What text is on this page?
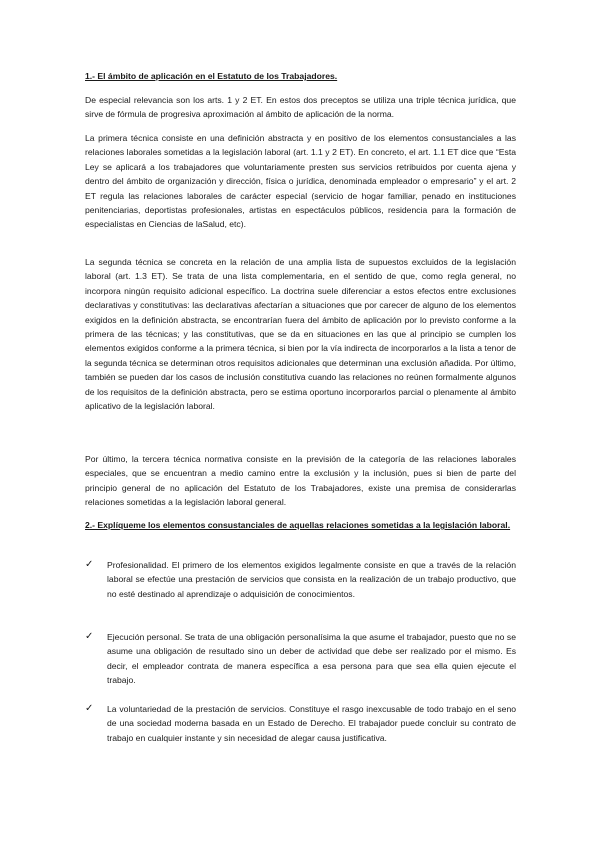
1.- El ámbito de aplicación en el Estatuto de los Trabajadores.

De especial relevancia son los arts. 1 y 2 ET. En estos dos preceptos se utiliza una triple técnica jurídica, que sirve de fórmula de progresiva aproximación al ámbito de aplicación de la norma.

La primera técnica consiste en una definición abstracta y en positivo de los elementos consustanciales a las relaciones laborales sometidas a la legislación laboral (art. 1.1 y 2 ET). En concreto, el art. 1.1 ET dice que “Esta Ley se aplicará a los trabajadores que voluntariamente presten sus servicios retribuidos por cuenta ajena y dentro del ámbito de organización y dirección, física o jurídica, denominada empleador o empresario” y el art. 2 ET regula las relaciones laborales de carácter especial (servicio de hogar familiar, penado en instituciones penitenciarias, deportistas profesionales, artistas en espectáculos públicos, residencia para la formación de especialistas en Ciencias de laSalud, etc).

La segunda técnica se concreta en la relación de una amplia lista de supuestos excluidos de la legislación laboral (art. 1.3 ET). Se trata de una lista complementaria, en el sentido de que, como regla general, no incorpora ningún requisito adicional específico. La doctrina suele diferenciar a estos efectos entre exclusiones declarativas y constitutivas: las declarativas afectarían a situaciones que por carecer de alguno de los elementos exigidos en la definición abstracta, se encontrarían fuera del ámbito de aplicación por lo previsto conforme a la primera de las técnicas; y las constitutivas, que se da en situaciones en las que al principio se cumplen los elementos exigidos conforme a la primera técnica, si bien por la vía indirecta de incorporarlos a la lista a tenor de la segunda técnica se determinan otros requisitos adicionales que determinan una exclusión añadida. Por último, también se pueden dar los casos de inclusión constitutiva cuando las relaciones no reúnen formalmente algunos de los requisitos de la definición abstracta, pero se estima oportuno incorporarlos parcial o plenamente al ámbito aplicativo de la legislación laboral.

Por último, la tercera técnica normativa consiste en la previsión de la categoría de las relaciones laborales especiales, que se encuentran a medio camino entre la exclusión y la inclusión, pues si bien de parte del principio general de no aplicación del Estatuto de los Trabajadores, existe una premisa de considerarlas relaciones sometidas a la legislación laboral general.

2.- Explíqueme los elementos consustanciales de aquellas relaciones sometidas a la legislación laboral.

✓ Profesionalidad. El primero de los elementos exigidos legalmente consiste en que a través de la relación laboral se efectúe una prestación de servicios que consista en la realización de un trabajo productivo, que no esté destinado al aprendizaje o adquisición de conocimientos.
✓ Ejecución personal. Se trata de una obligación personalísima la que asume el trabajador, puesto que no se asume una obligación de resultado sino un deber de actividad que debe ser realizado por el mismo. Es decir, el empleador contrata de manera específica a esa persona para que sea ella quien ejecute el trabajo.
✓ La voluntariedad de la prestación de servicios. Constituye el rasgo inexcusable de todo trabajo en el seno de una sociedad moderna basada en un Estado de Derecho. El trabajador puede concluir su contrato de trabajo en cualquier instante y sin necesidad de alegar causa justificativa.
